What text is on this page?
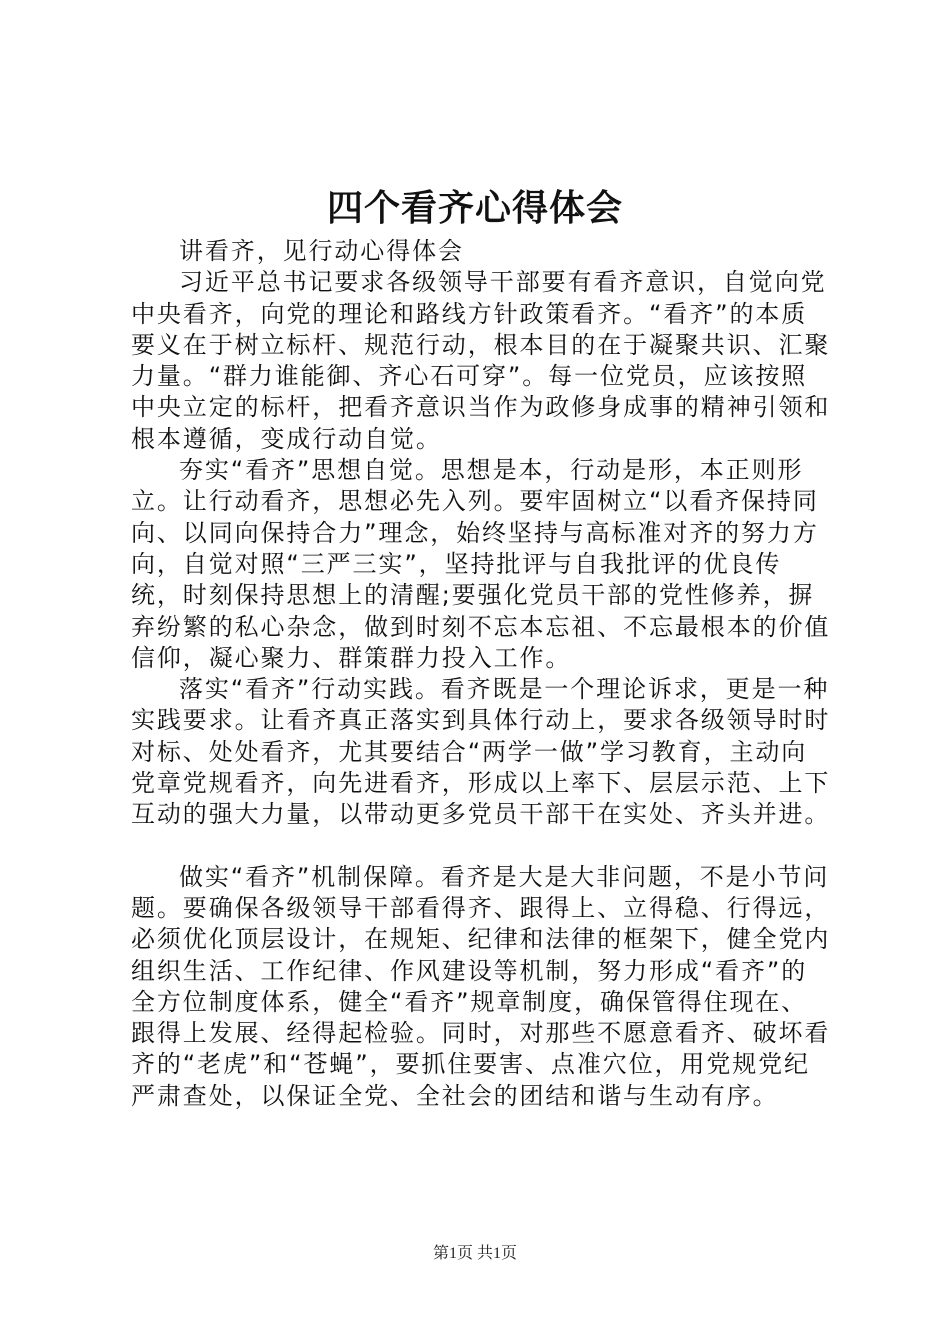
四个看齐心得体会

讲看齐，见行动心得体会

习近平总书记要求各级领导干部要有看齐意识，自觉向党中央看齐，向党的理论和路线方针政策看齐。“看齐”的本质要义在于树立标杆、规范行动，根本目的在于凝聚共识、汇聚力量。“群力谁能御、齐心石可穿”。每一位党员，应该按照中央立定的标杆，把看齐意识当作为政修身成事的精神引领和根本遵循，变成行动自觉。

夯实“看齐”思想自觉。思想是本，行动是形，本正则形立。让行动看齐，思想必先入列。要牢固树立“以看齐保持同向、以同向保持合力”理念，始终坚持与高标准对齐的努力方向，自觉对照“三严三实”，坚持批评与自我批评的优良传统，时刻保持思想上的清醒;要强化党员干部的党性修养，摒弃纷繁的私心杂念，做到时刻不忘本忘祖、不忘最根本的价值信仰，凝心聚力、群策群力投入工作。

落实“看齐”行动实践。看齐既是一个理论诉求，更是一种实践要求。让看齐真正落实到具体行动上，要求各级领导时时对标、处处看齐，尤其要结合“两学一做”学习教育，主动向党章党规看齐，向先进看齐，形成以上率下、层层示范、上下互动的强大力量，以带动更多党员干部干在实处、齐头并进。

做实“看齐”机制保障。看齐是大是大非问题，不是小节问题。要确保各级领导干部看得齐、跟得上、立得稳、行得远，必须优化顶层设计，在规矩、纪律和法律的框架下，健全党内组织生活、工作纪律、作风建设等机制，努力形成“看齐”的全方位制度体系，健全“看齐”规章制度，确保管得住现在、跟得上发展、经得起检验。同时，对那些不愿意看齐、破坏看齐的“老虎”和“苍蝇”，要抓住要害、点准穴位，用党规党纪严肃查处，以保证全党、全社会的团结和谐与生动有序。

第1页 共1页
